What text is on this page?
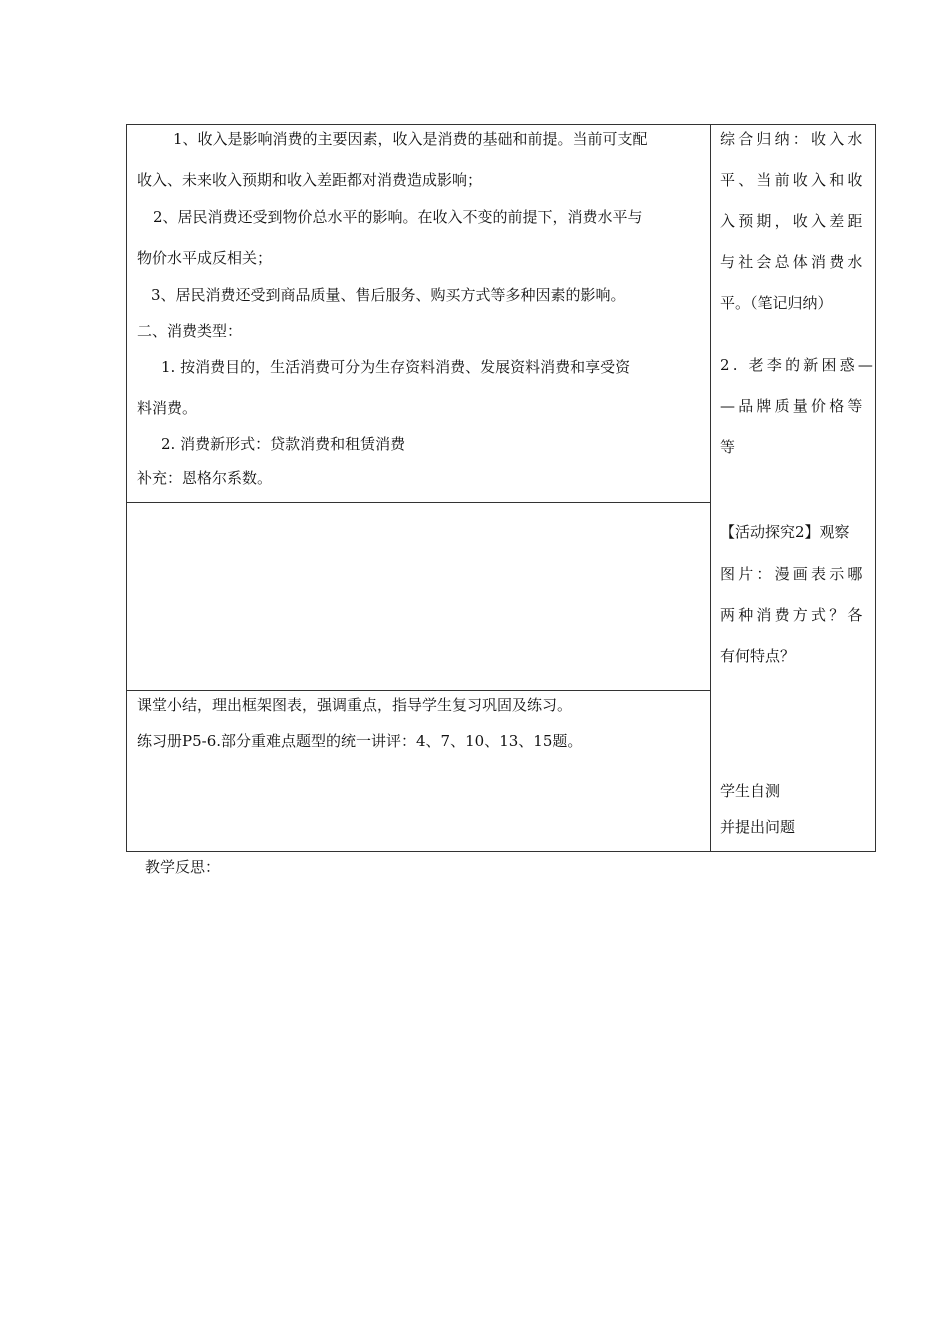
1、收入是影响消费的主要因素，收入是消费的基础和前提。当前可支配
收入、未来收入预期和收入差距都对消费造成影响；
2、居民消费还受到物价总水平的影响。在收入不变的前提下，消费水平与
物价水平成反相关；
3、居民消费还受到商品质量、售后服务、购买方式等多种因素的影响。
二、消费类型：
1. 按消费目的，生活消费可分为生存资料消费、发展资料消费和享受资
料消费。
2. 消费新形式：贷款消费和租赁消费
补充：恩格尔系数。
课堂小结，理出框架图表，强调重点，指导学生复习巩固及练习。
练习册P5-6.部分重难点题型的统一讲评：4、7、10、13、15题。
综合归纳：收入水
平、当前收入和收
入预期，收入差距
与社会总体消费水
平。（笔记归纳）
2. 老李的新困惑—
—品牌质量价格等
等
【活动探究2】观察
图片：漫画表示哪
两种消费方式？各
有何特点？
学生自测
并提出问题
教学反思：
